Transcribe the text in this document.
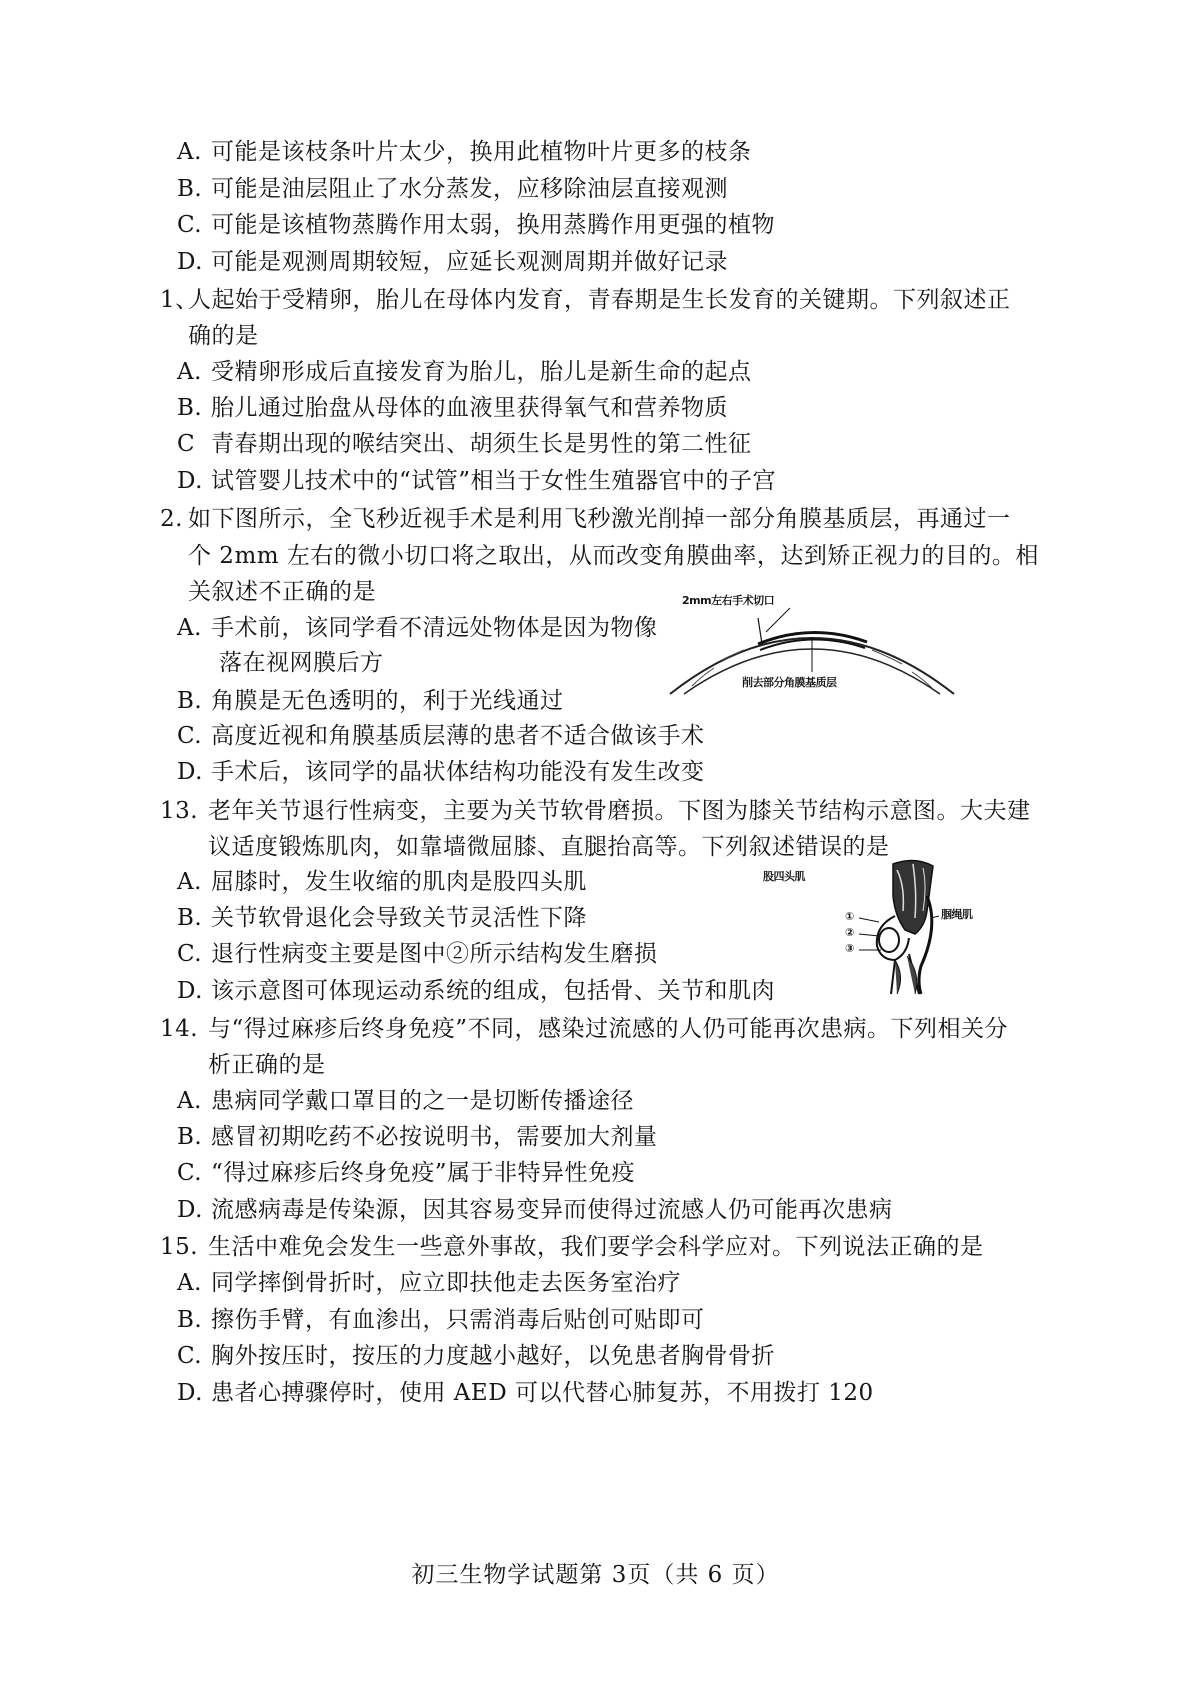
A. 可能是该枝条叶片太少，换用此植物叶片更多的枝条
B. 可能是油层阻止了水分蒸发，应移除油层直接观测
C. 可能是该植物蒸腾作用太弱，换用蒸腾作用更强的植物
D. 可能是观测周期较短，应延长观测周期并做好记录
1、人起始于受精卵，胎儿在母体内发育，青春期是生长发育的关键期。下列叙述正
确的是
A. 受精卵形成后直接发育为胎儿，胎儿是新生命的起点
B. 胎儿通过胎盘从母体的血液里获得氧气和营养物质
C 青春期出现的喉结突出、胡须生长是男性的第二性征
D. 试管婴儿技术中的“试管”相当于女性生殖器官中的子宫
2. 如下图所示，全飞秒近视手术是利用飞秒激光削掉一部分角膜基质层，再通过一
个 2mm 左右的微小切口将之取出，从而改变角膜曲率，达到矫正视力的目的。相
关叙述不正确的是
A. 手术前，该同学看不清远处物体是因为物像
落在视网膜后方
B. 角膜是无色透明的，利于光线通过
C. 高度近视和角膜基质层薄的患者不适合做该手术
D. 手术后，该同学的晶状体结构功能没有发生改变
2mm左右手术切口
削去部分角膜基质层
13. 老年关节退行性病变，主要为关节软骨磨损。下图为膝关节结构示意图。大夫建
议适度锻炼肌肉，如靠墙微屈膝、直腿抬高等。下列叙述错误的是
A. 屈膝时，发生收缩的肌肉是股四头肌
B. 关节软骨退化会导致关节灵活性下降
C. 退行性病变主要是图中②所示结构发生磨损
D. 该示意图可体现运动系统的组成，包括骨、关节和肌肉
股四头肌
腘绳肌
①
②
③
14. 与“得过麻疹后终身免疫”不同，感染过流感的人仍可能再次患病。下列相关分
析正确的是
A. 患病同学戴口罩目的之一是切断传播途径
B. 感冒初期吃药不必按说明书，需要加大剂量
C. “得过麻疹后终身免疫”属于非特异性免疫
D. 流感病毒是传染源，因其容易变异而使得过流感人仍可能再次患病
15. 生活中难免会发生一些意外事故，我们要学会科学应对。下列说法正确的是
A. 同学摔倒骨折时，应立即扶他走去医务室治疗
B. 擦伤手臂，有血渗出，只需消毒后贴创可贴即可
C. 胸外按压时，按压的力度越小越好，以免患者胸骨骨折
D. 患者心搏骤停时，使用 AED 可以代替心肺复苏，不用拨打 120
初三生物学试题第 3页（共 6 页）
